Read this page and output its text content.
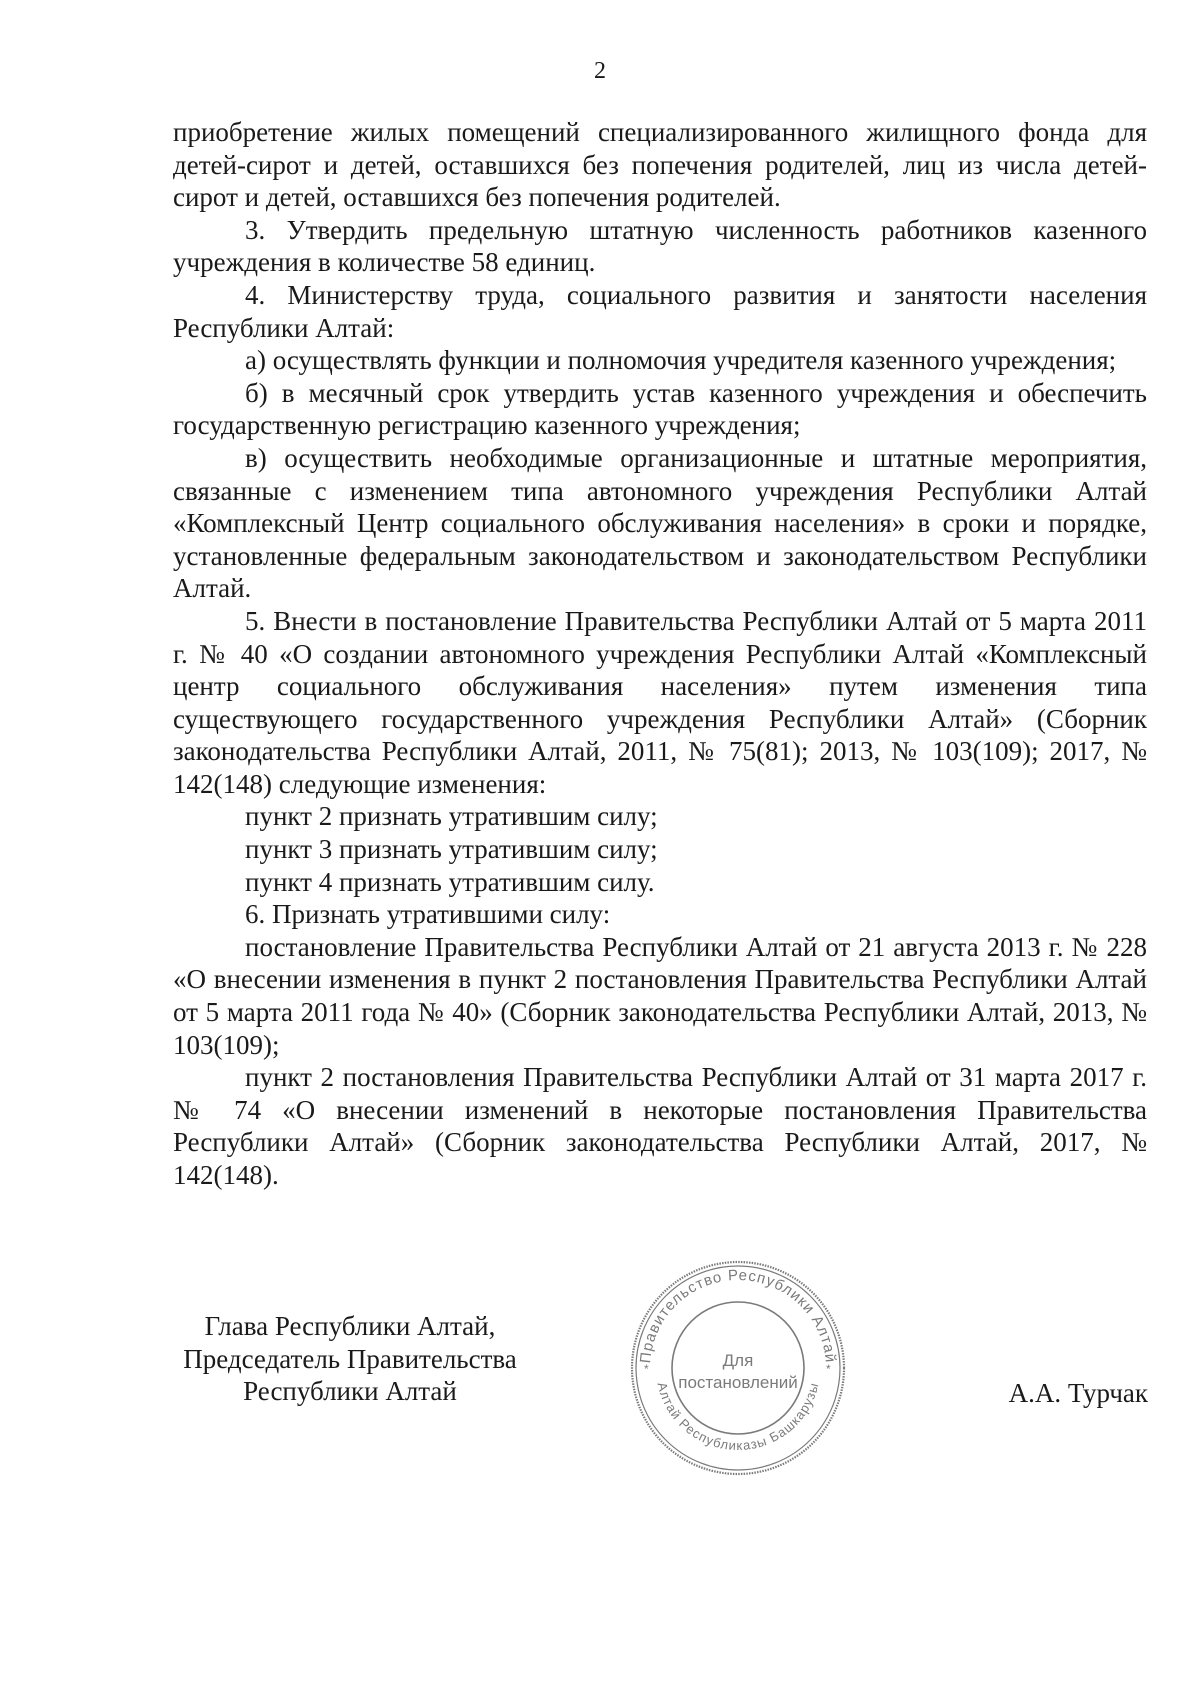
2

приобретение жилых помещений специализированного жилищного фонда для детей-сирот и детей, оставшихся без попечения родителей, лиц из числа детей-сирот и детей, оставшихся без попечения родителей.

3. Утвердить предельную штатную численность работников казенного учреждения в количестве 58 единиц.

4. Министерству труда, социального развития и занятости населения Республики Алтай:

а) осуществлять функции и полномочия учредителя казенного учреждения;

б) в месячный срок утвердить устав казенного учреждения и обеспечить государственную регистрацию казенного учреждения;

в) осуществить необходимые организационные и штатные мероприятия, связанные с изменением типа автономного учреждения Республики Алтай «Комплексный Центр социального обслуживания населения» в сроки и порядке, установленные федеральным законодательством и законодательством Республики Алтай.

5. Внести в постановление Правительства Республики Алтай от 5 марта 2011 г. № 40 «О создании автономного учреждения Республики Алтай «Комплексный центр социального обслуживания населения» путем изменения типа существующего государственного учреждения Республики Алтай» (Сборник законодательства Республики Алтай, 2011, № 75(81); 2013, № 103(109); 2017, № 142(148) следующие изменения:

пункт 2 признать утратившим силу;

пункт 3 признать утратившим силу;

пункт 4 признать утратившим силу.

6. Признать утратившими силу:

постановление Правительства Республики Алтай от 21 августа 2013 г. № 228 «О внесении изменения в пункт 2 постановления Правительства Республики Алтай от 5 марта 2011 года № 40» (Сборник законодательства Республики Алтай, 2013, № 103(109);

пункт 2 постановления Правительства Республики Алтай от 31 марта 2017 г. № 74 «О внесении изменений в некоторые постановления Правительства Республики Алтай» (Сборник законодательства Республики Алтай, 2017, № 142(148).

Глава Республики Алтай,
Председатель Правительства
Республики Алтай
Правительство Республики Алтай
Алтай Республиказы Башкарузы
*	*
Для
постановлений	А.А. Турчак
